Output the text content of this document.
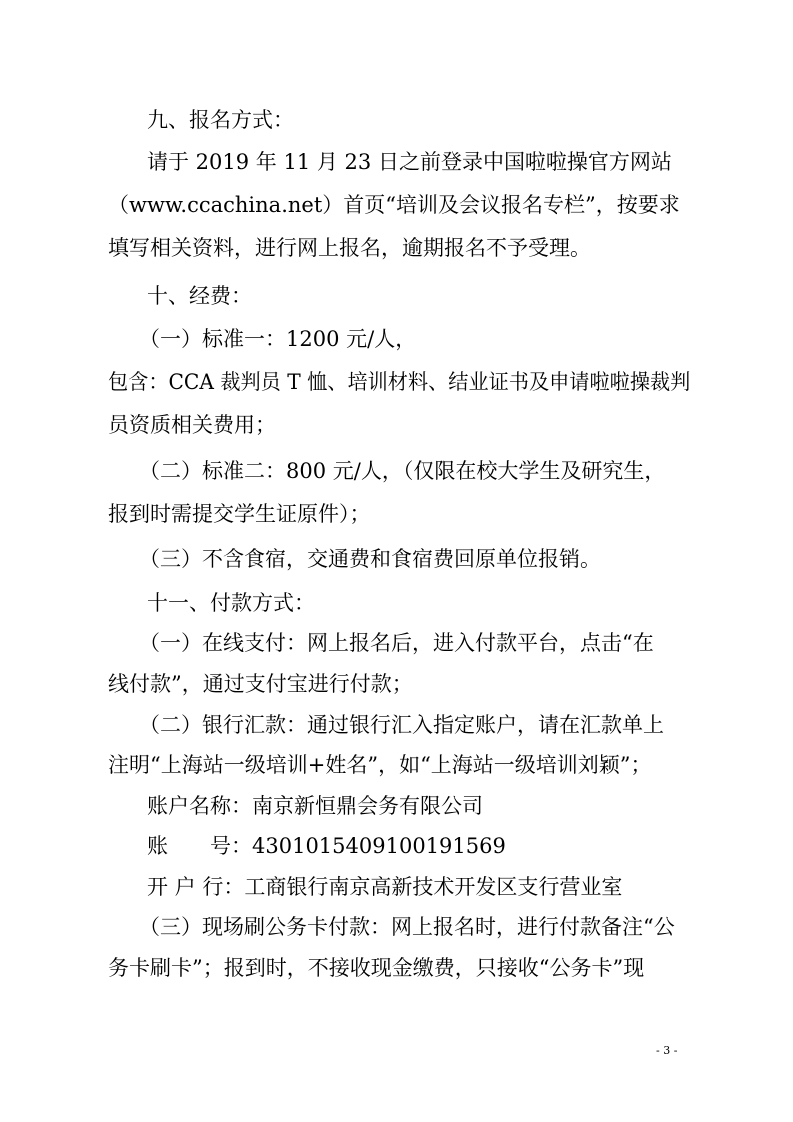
九、报名方式：
请于 2019 年 11 月 23 日之前登录中国啦啦操官方网站
（www.ccachina.net）首页“培训及会议报名专栏”，按要求
填写相关资料，进行网上报名，逾期报名不予受理。
十、经费：
（一）标准一：1200 元/人，
包含：CCA 裁判员 T 恤、培训材料、结业证书及申请啦啦操裁判
员资质相关费用；
（二）标准二：800 元/人，（仅限在校大学生及研究生，
报到时需提交学生证原件）；
（三）不含食宿，交通费和食宿费回原单位报销。
十一、付款方式：
（一）在线支付：网上报名后，进入付款平台，点击“在
线付款”，通过支付宝进行付款；
（二）银行汇款：通过银行汇入指定账户，请在汇款单上
注明“上海站一级培训+姓名”，如“上海站一级培训刘颖”；
账户名称：南京新恒鼎会务有限公司
账　　号：4301015409100191569
开 户 行：工商银行南京高新技术开发区支行营业室
（三）现场刷公务卡付款：网上报名时，进行付款备注“公
务卡刷卡”；报到时，不接收现金缴费，只接收“公务卡”现
- 3 -
